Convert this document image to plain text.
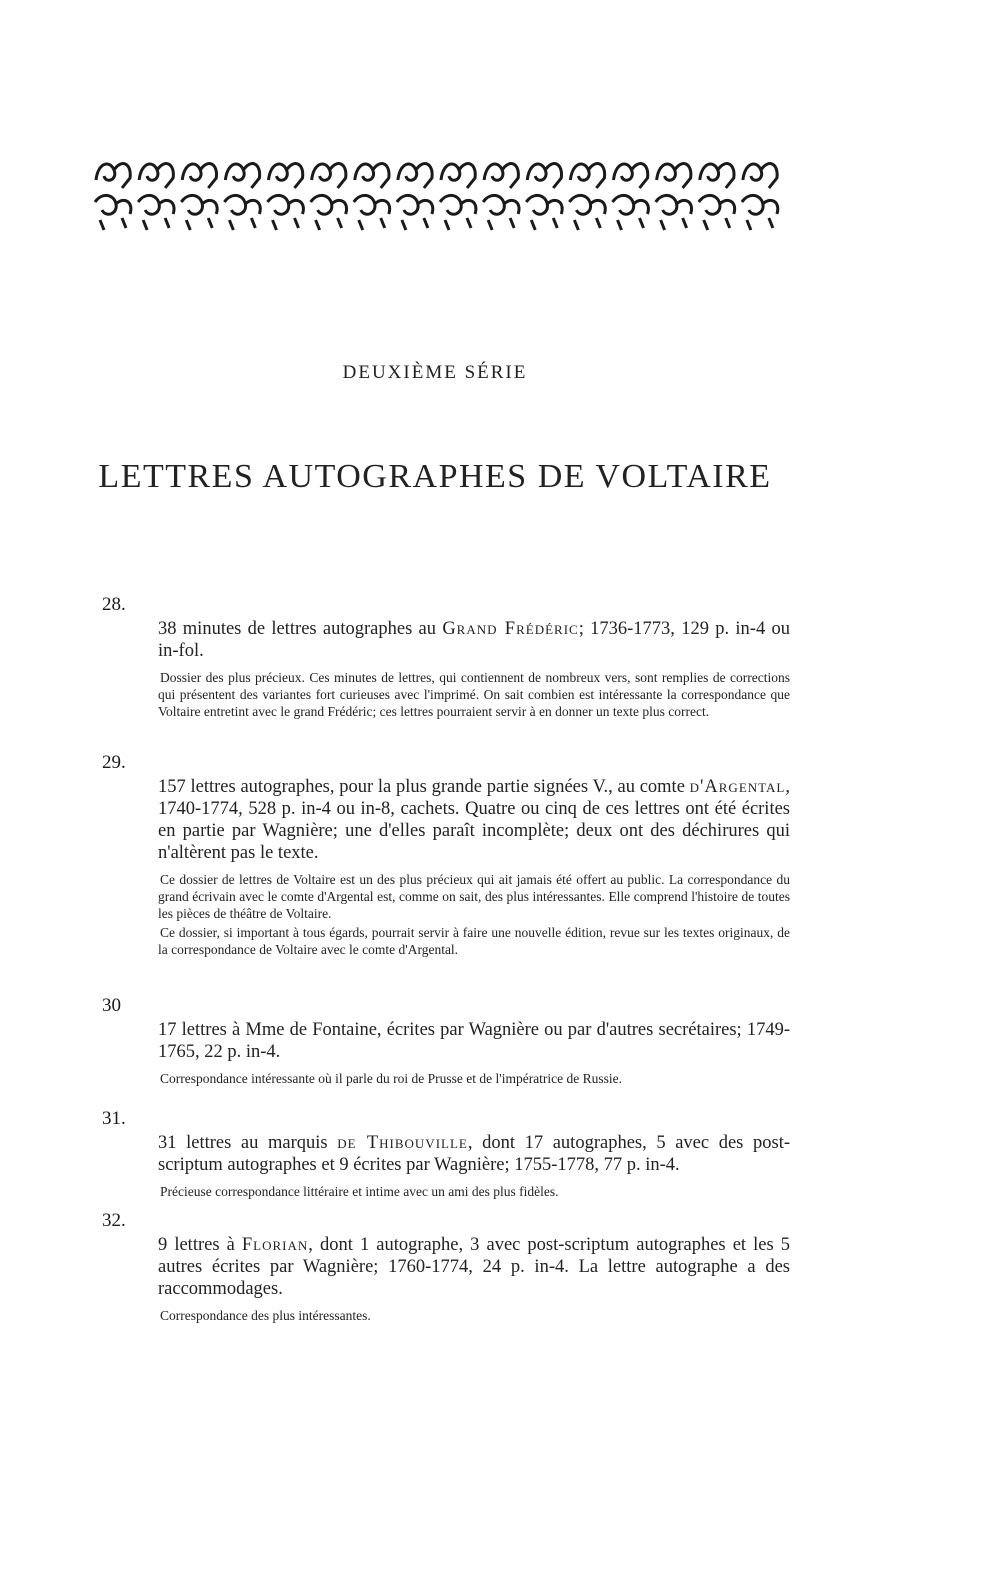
DEUXIÈME SÉRIE
LETTRES AUTOGRAPHES DE VOLTAIRE
28.
38 minutes de lettres autographes au Grand Frédéric; 1736-1773, 129 p. in-4 ou in-fol.
Dossier des plus précieux. Ces minutes de lettres, qui contiennent de nombreux vers, sont remplies de corrections qui présentent des variantes fort curieuses avec l'imprimé. On sait combien est intéressante la correspondance que Voltaire entretint avec le grand Frédéric; ces lettres pourraient servir à en donner un texte plus correct.
29.
157 lettres autographes, pour la plus grande partie signées V., au comte d'Argental, 1740-1774, 528 p. in-4 ou in-8, cachets. Quatre ou cinq de ces lettres ont été écrites en partie par Wagnière; une d'elles paraît incomplète; deux ont des déchirures qui n'altèrent pas le texte.
Ce dossier de lettres de Voltaire est un des plus précieux qui ait jamais été offert au public. La correspondance du grand écrivain avec le comte d'Argental est, comme on sait, des plus intéressantes. Elle comprend l'histoire de toutes les pièces de théâtre de Voltaire.
Ce dossier, si important à tous égards, pourrait servir à faire une nouvelle édition, revue sur les textes originaux, de la correspondance de Voltaire avec le comte d'Argental.
30
17 lettres à Mme de Fontaine, écrites par Wagnière ou par d'autres secrétaires; 1749-1765, 22 p. in-4.
Correspondance intéressante où il parle du roi de Prusse et de l'impératrice de Russie.
31.
31 lettres au marquis de Thibouville, dont 17 autographes, 5 avec des post-scriptum autographes et 9 écrites par Wagnière; 1755-1778, 77 p. in-4.
Précieuse correspondance littéraire et intime avec un ami des plus fidèles.
32.
9 lettres à Florian, dont 1 autographe, 3 avec post-scriptum autographes et les 5 autres écrites par Wagnière; 1760-1774, 24 p. in-4. La lettre autographe a des raccommodages.
Correspondance des plus intéressantes.
